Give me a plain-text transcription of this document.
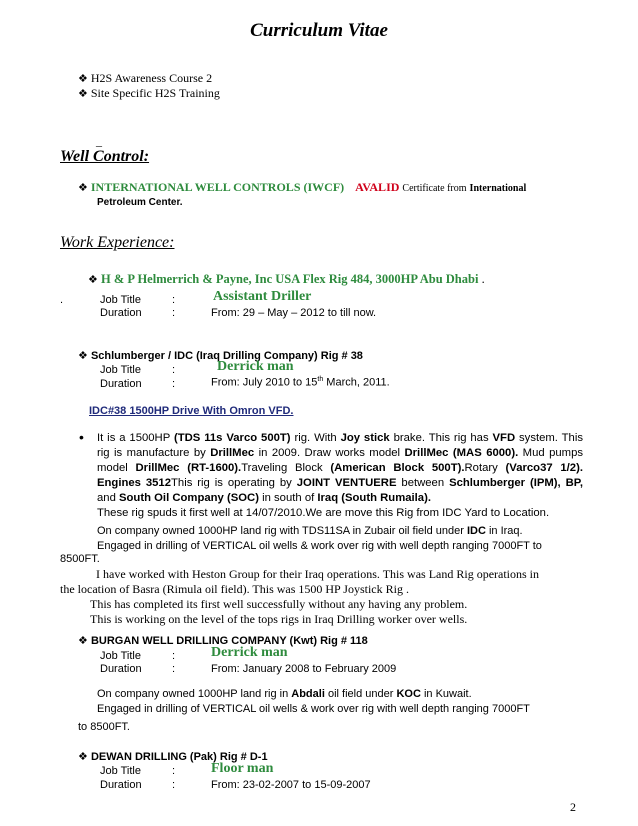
Curriculum Vitae
❖ H2S Awareness Course 2
❖ Site Specific H2S Training
_
Well Control:
❖ INTERNATIONAL WELL CONTROLS (IWCF) AVALID Certificate from International
Petroleum Center.
Work Experience:
❖ H & P Helmerrich & Payne, Inc USA Flex Rig 484, 3000HP Abu Dhabi .
.	Job Title	:	Assistant Driller
Duration	:	From: 29 – May – 2012 to till now.
❖ Schlumberger / IDC (Iraq Drilling Company) Rig # 38
Job Title	:	Derrick man
Duration	:	From: July 2010 to 15th March, 2011.
IDC#38 1500HP Drive With Omron VFD.
• It is a 1500HP (TDS 11s Varco 500T) rig. With Joy stick brake. This rig has VFD system. This rig is manufacture by DrillMec in 2009. Draw works model DrillMec (MAS 6000). Mud pumps model DrillMec (RT-1600).Traveling Block (American Block 500T).Rotary (Varco37 1/2). Engines 3512This rig is operating by JOINT VENTUERE between Schlumberger (IPM), BP, and South Oil Company (SOC) in south of Iraq (South Rumaila).
These rig spuds it first well at 14/07/2010.We are move this Rig from IDC Yard to Location.
On company owned 1000HP land rig with TDS11SA in Zubair oil field under IDC in Iraq.
Engaged in drilling of VERTICAL oil wells & work over rig with well depth ranging 7000FT to
8500FT.
I have worked with Heston Group for their Iraq operations. This was Land Rig operations in
the location of Basra (Rimula oil field). This was 1500 HP Joystick Rig .
This has completed its first well successfully without any having any problem.
This is working on the level of the tops rigs in Iraq Drilling worker over wells.
❖ BURGAN WELL DRILLING COMPANY (Kwt) Rig # 118
Job Title	:	Derrick man
Duration	:	From: January 2008 to February 2009
On company owned 1000HP land rig in Abdali oil field under KOC in Kuwait.
Engaged in drilling of VERTICAL oil wells & work over rig with well depth ranging 7000FT
to 8500FT.
❖ DEWAN DRILLING (Pak) Rig # D-1
Job Title	:	Floor man
Duration	:	From: 23-02-2007 to 15-09-2007
2
